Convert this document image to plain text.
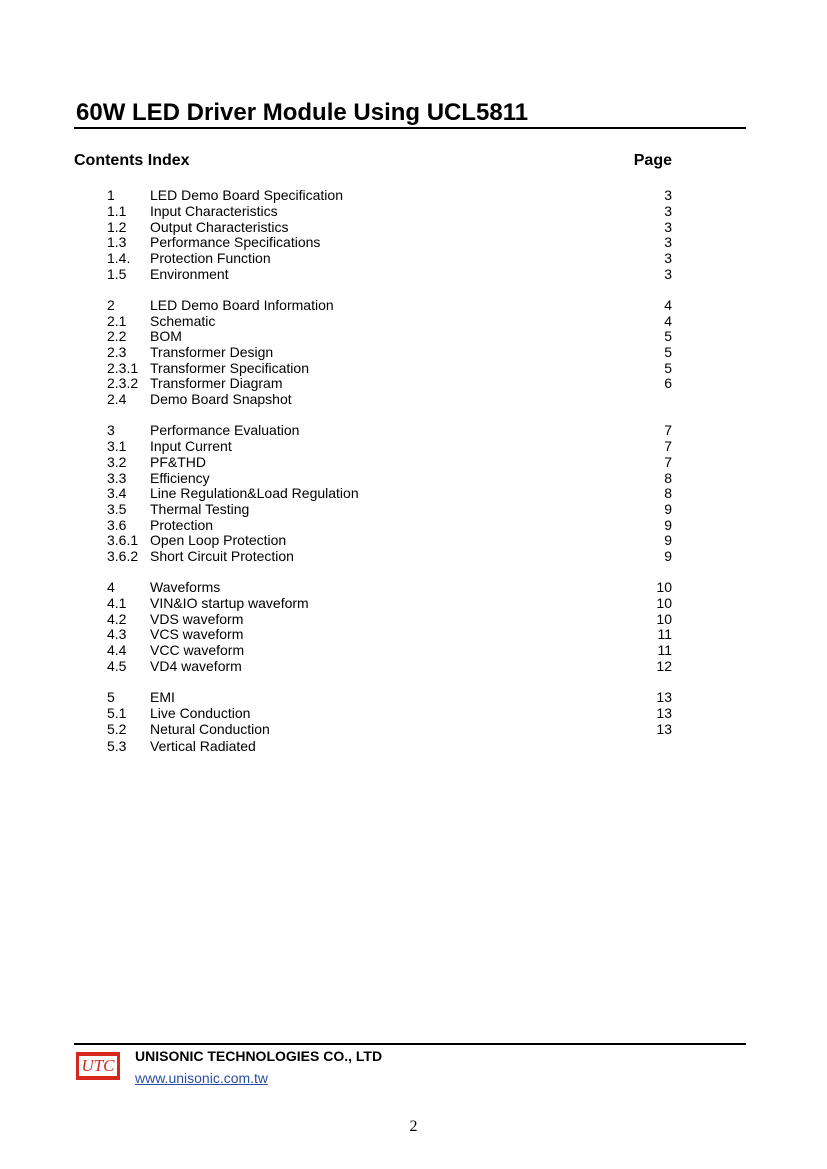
60W LED Driver Module Using UCL5811
Contents Index	Page
1	LED Demo Board Specification	3
1.1 Input Characteristics	3
1.2 Output Characteristics	3
1.3 Performance Specifications	3
1.4. Protection Function	3
1.5 Environment	3
2	LED Demo Board Information	4
2.1 Schematic	4
2.2 BOM	5
2.3 Transformer Design	5
2.3.1 Transformer Specification	5
2.3.2 Transformer Diagram	6
2.4 Demo Board Snapshot
3	Performance Evaluation	7
3.1 Input Current	7
3.2 PF&THD	7
3.3 Efficiency	8
3.4 Line Regulation&Load Regulation	8
3.5 Thermal Testing	9
3.6 Protection	9
3.6.1 Open Loop Protection	9
3.6.2 Short Circuit Protection	9
4	Waveforms	10
4.1 VIN&IO startup waveform	10
4.2 VDS waveform	10
4.3 VCS waveform	11
4.4 VCC waveform	11
4.5 VD4 waveform	12
5	EMI	13
5.1 Live Conduction	13
5.2 Netural Conduction	13
5.3 Vertical Radiated
UTC UNISONIC TECHNOLOGIES CO., LTD
www.unisonic.com.tw
2
